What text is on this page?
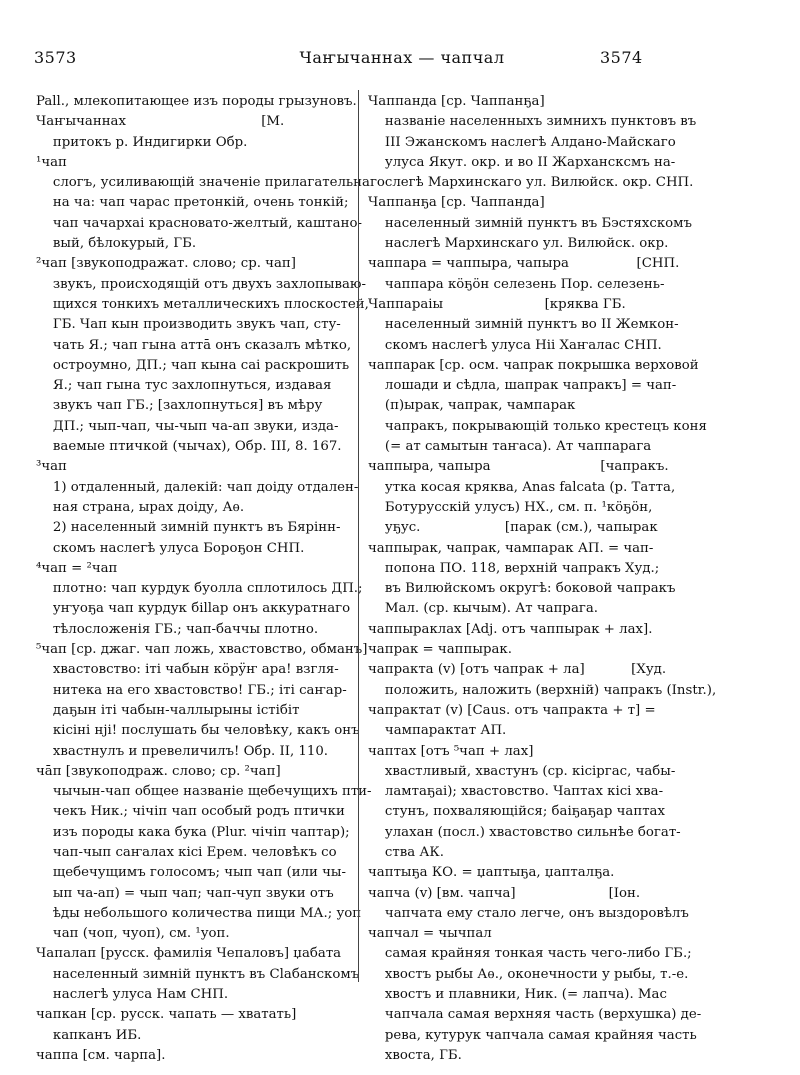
3573	Чаҥычаннах — чапчал	3574
Pall., млекопитающее изъ породы грызуновъ.
Чаҥычаннах                                [М.
притокъ р. Индигирки Обр.
¹чап
слогъ, усиливающій значеніе прилагательнаго
на ча: чап чарас претонкій, очень тонкій;
чап чачархаі красновато-желтый, каштано-
вый, бѣлокурый, ГБ.
²чап [звукоподражат. слово; ср. чап]
звукъ, происходящій отъ двухъ захлопываю-
щихся тонкихъ металлическихъ плоскостей,
ГБ. Чап кын производить звукъ чап, сту-
чать Я.; чап гына аттā онъ сказалъ мѣтко,
остроумно, ДП.; чап кына саі раскрошить
Я.; чап гына тус захлопнуться, издавая
звукъ чап ГБ.; [захлопнуться] въ мѣру
ДП.; чып-чап, чы-чып ча-ап звуки, изда-
ваемые птичкой (чычах), Обр. III, 8. 167.
³чап
1) отдаленный, далекій: чап доіду отдален-
ная страна, ырах доіду, Аѳ.
2) населенный зимній пунктъ въ Бярінн-
скомъ наслегѣ улуса Бороҕон СНП.
⁴чап = ²чап
плотно: чап курдук буолла сплотилось ДП.;
уҥуоҕа чап курдук біllар онъ аккуратнаго
тѣлосложенія ГБ.; чап-баччы плотно.
⁵чап [ср. джаг. чап ложь, хвастовство, обманъ]
хвастовство: іті чабын кӧрӱҥ ара! взгля-
нитека на его хвастовство! ГБ.; іті саҥар-
даҕын іті чабын-чаллырыны істібіт
кісіні нјі! послушать бы человѣку, какъ онъ
хвастнулъ и превеличилъ! Обр. II, 110.
чāп [звукоподраж. слово; ср. ²чап]
чычын-чап общее названіе щебечущихъ пти-
чекъ Ник.; чічіп чап особый родъ птички
изъ породы кака бука (Plur. чічіп чаптар);
чап-чып саҥалах кісі Ерем. человѣкъ со
щебечущимъ голосомъ; чып чап (или чы-
ып ча-ап) = чып чап; чап-чуп звуки отъ
ѣды небольшого количества пищи МА.; уоп
чап (чоп, чуоп), см. ¹уоп.
Чапалап [русск. фамилія Чепаловъ] џабата
населенный зимній пунктъ въ Сlабанскомъ
наслегѣ улуса Нам СНП.
чапкан [ср. русск. чапать — хватать]
капканъ ИБ.
чаппа [см. чарпа].
Чаппанда [ср. Чаппанҕа]
названіе населенныхъ зимнихъ пунктовъ въ
III Эжанскомъ наслегѣ Алдано-Майскаго
улуса Якут. окр. и во II Жархансксмъ на-
слегѣ Мархинскаго ул. Вилюйск. окр. СНП.
Чаппанҕа [ср. Чаппанда]
населенный зимній пунктъ въ Бэстяхскомъ
наслегѣ Мархинскаго ул. Вилюйск. окр.
чаппара = чаппыра, чапыра                [СНП.
чаппара кӧҕӧн селезень Пор. селезень-
Чаппараіы                        [кряква ГБ.
населенный зимній пунктъ во II Жемкон-
скомъ наслегѣ улуса Ніі Хаҥалас СНП.
чаппарак [ср. осм. чапрак покрышка верховой
лошади и сѣдла, шапрак чапракъ] = чап-
(п)ырак, чапрак, чампарак
чапракъ, покрывающій только крестецъ коня
(= ат самытын таҥаса). Ат чаппарага
чаппыра, чапыра                          [чапракъ.
утка косая кряква, Anas falcata (р. Татта,
Ботурусскій улусъ) НХ., см. п. ¹кӧҕӧн,
уҕус.                    [парак (см.), чапырак
чаппырак, чапрак, чампарак АП. = чап-
попона ПО. 118, верхній чапракъ Худ.;
въ Вилюйскомъ округѣ: боковой чапракъ
Мал. (ср. кычым). Ат чапрага.
чаппыраклах [Adj. отъ чаппырак + лах].
чапрак = чаппырак.
чапракта (v) [отъ чапрак + ла]           [Худ.
положить, наложить (верхній) чапракъ (Instr.),
чапрактат (v) [Caus. отъ чапракта + т] =
чампарактат АП.
чаптах [отъ ⁵чап + лах]
хвастливый, хвастунъ (ср. кісіргас, чабы-
ламтаҕаі); хвастовство. Чаптах кісі хва-
стунъ, похваляющійся; баіҕаҕар чаптах
улахан (посл.) хвастовство сильнѣе богат-
ства АК.
чаптыҕа КО. = џаптыҕа, џапталҕа.
чапча (v) [вм. чапча]                      [Іон.
чапчата ему стало легче, онъ выздоровѣлъ
чапчал = чычпал
самая крайняя тонкая часть чего-либо ГБ.;
хвостъ рыбы Аѳ., оконечности у рыбы, т.-е.
хвостъ и плавники, Ник. (= лапча). Мас
чапчала самая верхняя часть (верхушка) де-
рева, кутурук чапчала самая крайняя часть
хвоста, ГБ.
